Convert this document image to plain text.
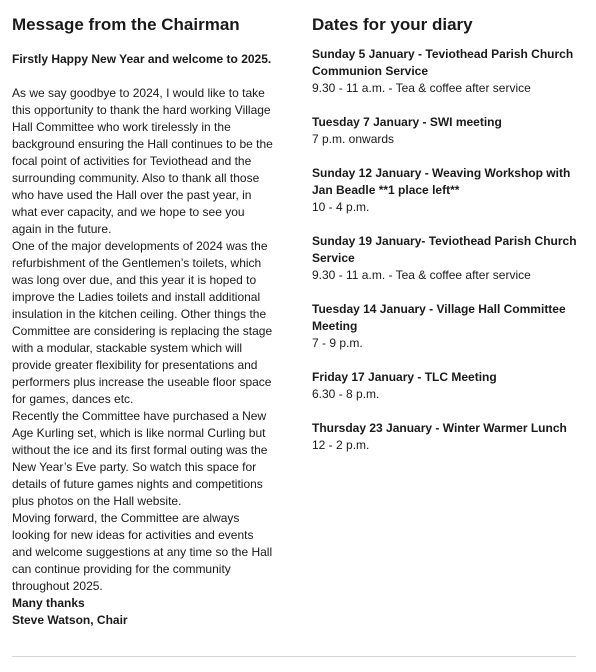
Message from the Chairman
Firstly Happy New Year and welcome to 2025.

As we say goodbye to 2024, I would like to take this opportunity to thank the hard working Village Hall Committee who work tirelessly in the background ensuring the Hall continues to be the focal point of activities for Teviothead and the surrounding community. Also to thank all those who have used the Hall over the past year, in what ever capacity, and we hope to see you again in the future.

One of the major developments of 2024 was the refurbishment of the Gentlemen’s toilets, which was long over due, and this year it is hoped to improve the Ladies toilets and install additional insulation in the kitchen ceiling. Other things the Committee are considering is replacing the stage with a modular, stackable system which will provide greater flexibility for presentations and performers plus increase the useable floor space for games, dances etc.

Recently the Committee have purchased a New Age Kurling set, which is like normal Curling but without the ice and its first formal outing was the New Year’s Eve party. So watch this space for details of future games nights and competitions plus photos on the Hall website.

Moving forward, the Committee are always looking for new ideas for activities and events and welcome suggestions at any time so the Hall can continue providing for the community throughout 2025.

Many thanks
Steve Watson, Chair
Dates for your diary
Sunday 5 January - Teviothead Parish Church Communion Service
9.30 - 11 a.m. - Tea & coffee after service
Tuesday 7 January - SWI meeting
7 p.m. onwards
Sunday 12 January - Weaving Workshop with Jan Beadle **1 place left**
10 - 4 p.m.
Sunday 19 January- Teviothead Parish Church Service
9.30 - 11 a.m. - Tea & coffee after service
Tuesday 14 January - Village Hall Committee Meeting
7 - 9 p.m.
Friday 17 January - TLC Meeting
6.30 - 8 p.m.
Thursday 23 January - Winter Warmer Lunch
12 - 2 p.m.
